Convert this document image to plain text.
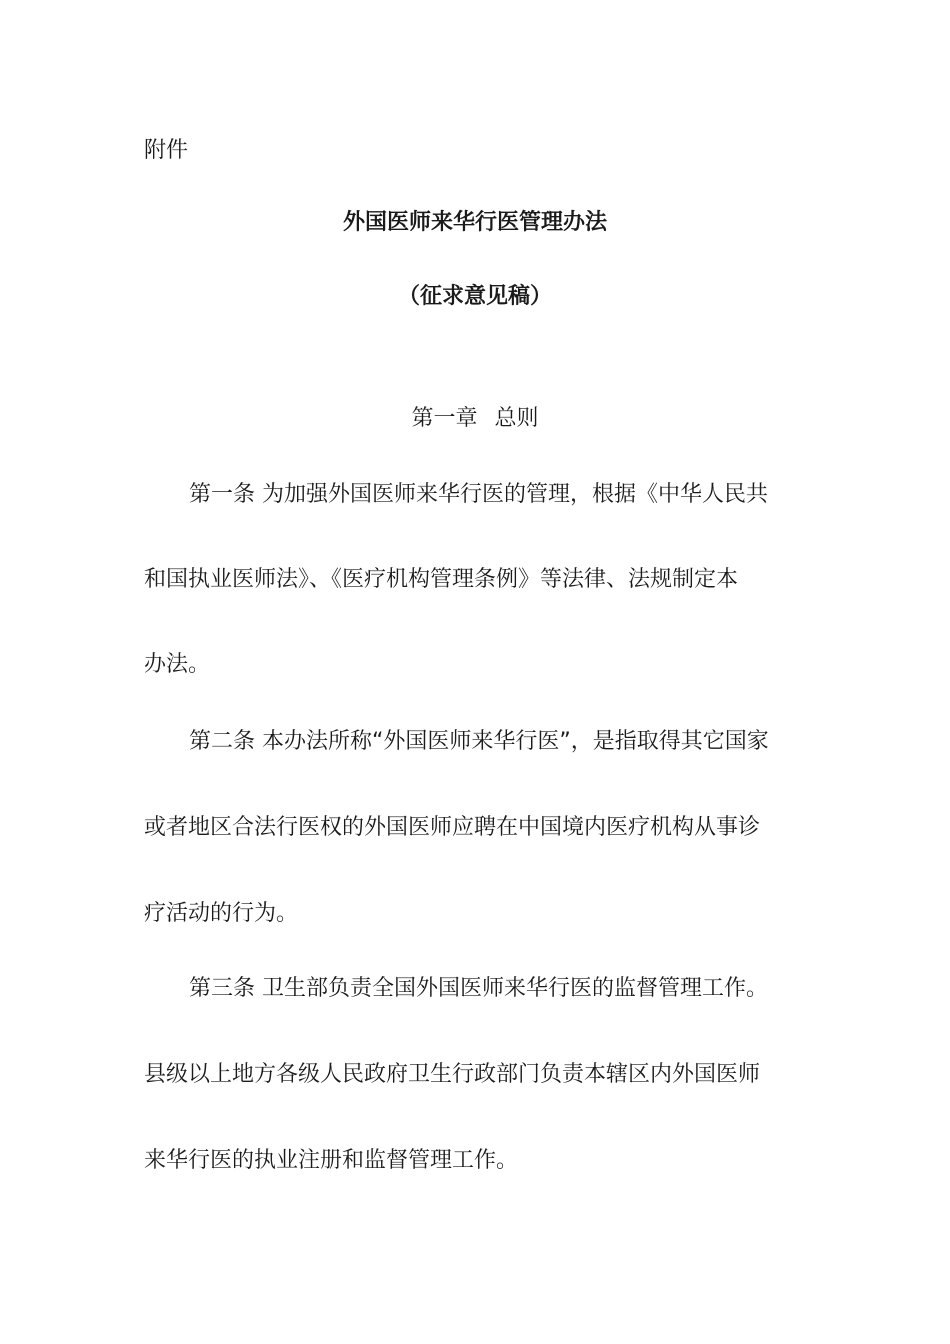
附件
外国医师来华行医管理办法
（征求意见稿）
第一章 总则
第一条 为加强外国医师来华行医的管理，根据《中华人民共
和国执业医师法》、《医疗机构管理条例》等法律、法规制定本
办法。
第二条 本办法所称“外国医师来华行医”，是指取得其它国家
或者地区合法行医权的外国医师应聘在中国境内医疗机构从事诊
疗活动的行为。
第三条 卫生部负责全国外国医师来华行医的监督管理工作。
县级以上地方各级人民政府卫生行政部门负责本辖区内外国医师
来华行医的执业注册和监督管理工作。
